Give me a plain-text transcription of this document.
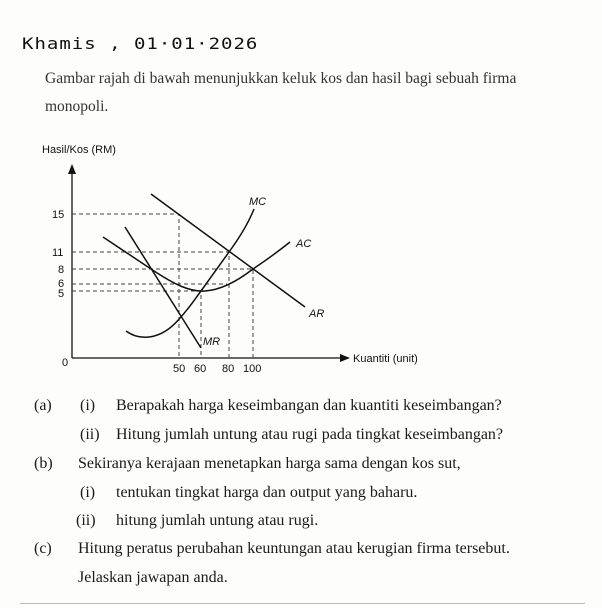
Khamis , 01·01·2026
Gambar rajah di bawah menunjukkan keluk kos dan hasil bagi sebuah firma
monopoli.
Hasil/Kos (RM)
Kuantiti (unit)
0
15
11
8
6
5
50 60 80 100
MC
AC
AR
MR
(a) (i) Berapakah harga keseimbangan dan kuantiti keseimbangan?
(ii) Hitung jumlah untung atau rugi pada tingkat keseimbangan?
(b) Sekiranya kerajaan menetapkan harga sama dengan kos sut,
(i) tentukan tingkat harga dan output yang baharu.
(ii) hitung jumlah untung atau rugi.
(c) Hitung peratus perubahan keuntungan atau kerugian firma tersebut.
Jelaskan jawapan anda.
